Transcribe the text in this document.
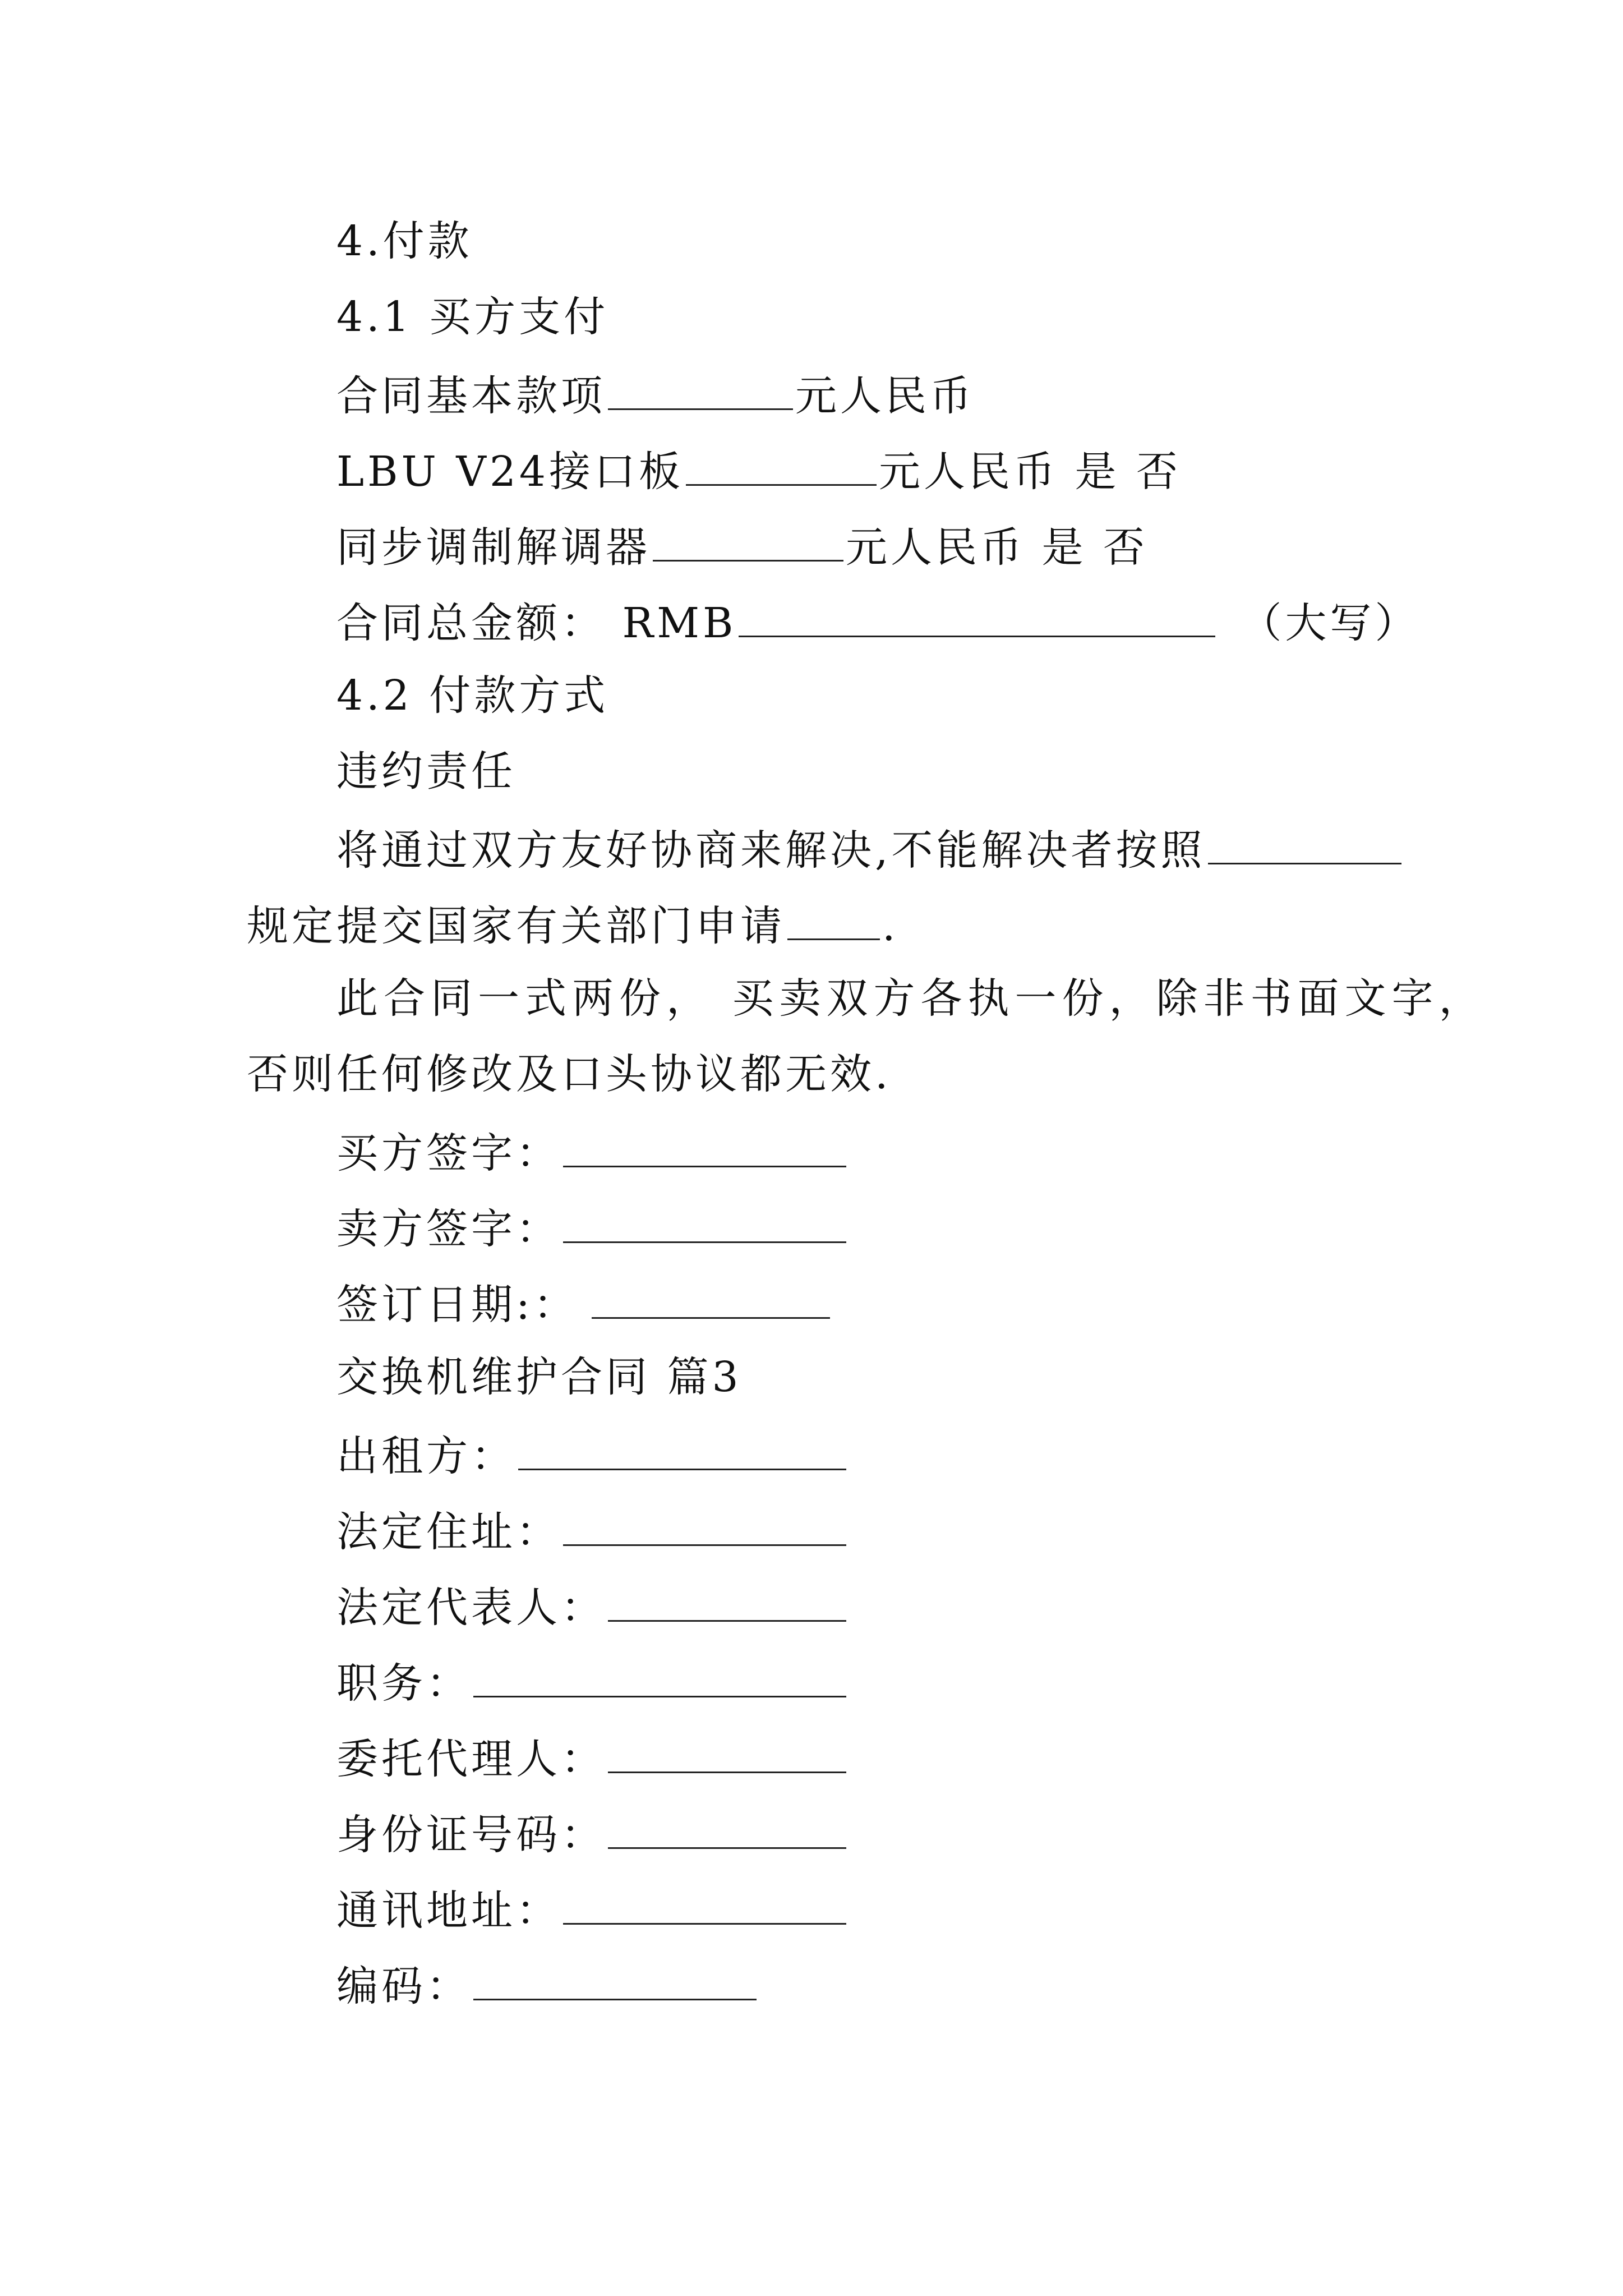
4.付款
4.1 买方支付
合同基本款项	元人民币
LBU V24接口板	元人民币 是 否
同步调制解调器	元人民币 是 否
合同总金额： RMB	（大写）
4.2 付款方式
违约责任
将通过双方友好协商来解决,不能解决者按照
规定提交国家有关部门申请 .
此合同一式两份， 买卖双方各执一份，除非书面文字，
否则任何修改及口头协议都无效.
买方签字：
卖方签字：
签订日期:：
交换机维护合同 篇3
出租方：
法定住址：
法定代表人：
职务：
委托代理人：
身份证号码：
通讯地址：
编码：
